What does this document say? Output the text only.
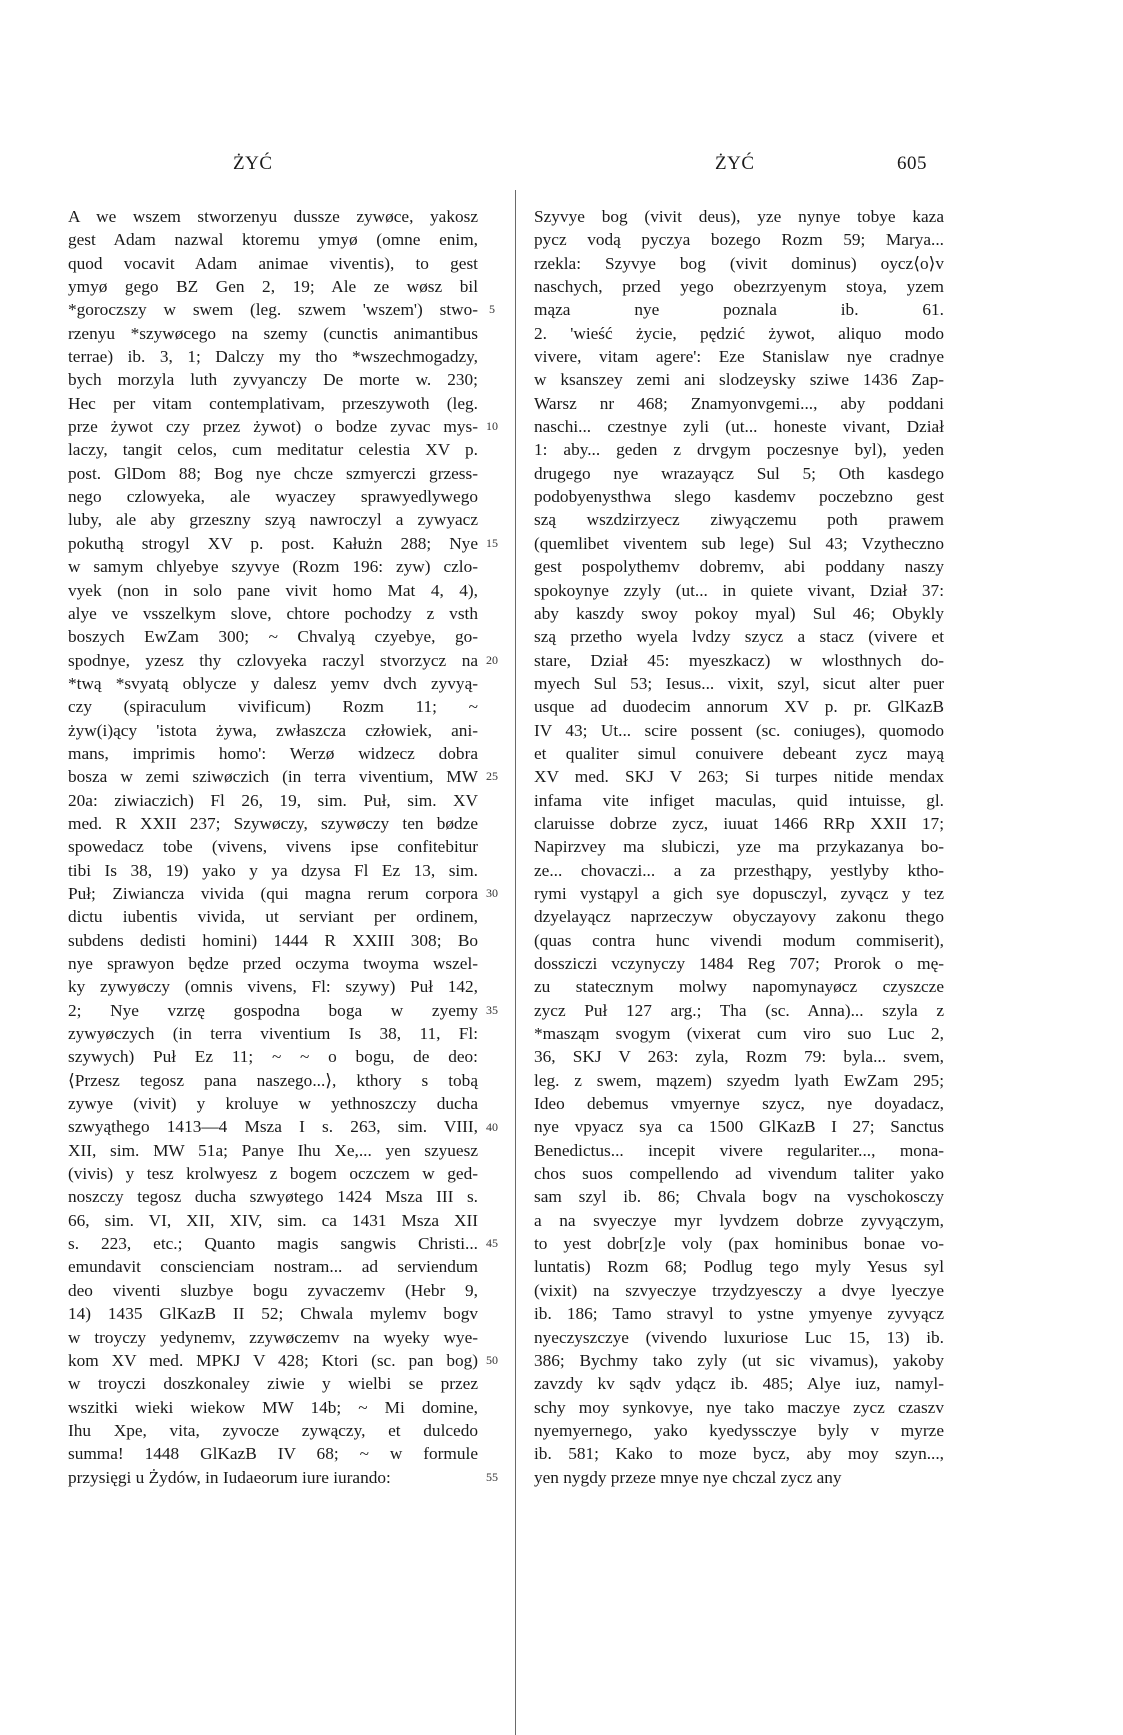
ŻYĆ	ŻYĆ	605
A we wszem stworzenyu dussze zywøce, yakosz
gest Adam nazwal ktoremu ymyø (omne enim,
quod vocavit Adam animae viventis), to gest
ymyø gego BZ Gen 2, 19; Ale ze wøsz bil
*goroczszy w swem (leg. szwem 'wszem') stwo-
rzenyu *szywøcego na szemy (cunctis animantibus
terrae) ib. 3, 1; Dalczy my tho *wszechmogadzy,
bych morzyla luth zyvyanczy De morte w. 230;
Hec per vitam contemplativam, przeszywoth (leg.
prze żywot czy przez żywot) o bodze zyvac mys-
laczy, tangit celos, cum meditatur celestia XV p.
post. GlDom 88; Bog nye chcze szmyerczi grzess-
nego czlowyeka, ale wyaczey sprawyedlywego
luby, ale aby grzeszny szyą nawroczyl a zywyacz
pokuthą strogyl XV p. post. Kałużn 288; Nye
w samym chlyebye szyvye (Rozm 196: zyw) czlo-
vyek (non in solo pane vivit homo Mat 4, 4),
alye ve vsszelkym slove, chtore pochodzy z vsth
boszych EwZam 300; ~ Chvalyą czyebye, go-
spodnye, yzesz thy czlovyeka raczyl stvorzycz na
*twą *svyatą oblycze y dalesz yemv dvch zyvyą-
czy (spiraculum vivificum) Rozm 11; ~
żyw(i)ący 'istota żywa, zwłaszcza człowiek, ani-
mans, imprimis homo': Werzø widzecz dobra
bosza w zemi sziwøczich (in terra viventium, MW
20a: ziwiaczich) Fl 26, 19, sim. Puł, sim. XV
med. R XXII 237; Szywøczy, szywøczy ten bødze
spowedacz tobe (vivens, vivens ipse confitebitur
tibi Is 38, 19) yako y ya dzysa Fl Ez 13, sim.
Puł; Ziwiancza vivida (qui magna rerum corpora
dictu iubentis vivida, ut serviant per ordinem,
subdens dedisti homini) 1444 R XXIII 308; Bo
nye sprawyon będze przed oczyma twoyma wszel-
ky zywyøczy (omnis vivens, Fl: szywy) Puł 142,
2; Nye vzrzę gospodna boga w zyemy
zywyøczych (in terra viventium Is 38, 11, Fl:
szywych) Puł Ez 11; ~ ~ o bogu, de deo:
⟨Przesz tegosz pana naszego...⟩, kthory s tobą
zywye (vivit) y kroluye w yethnoszczy ducha
szwyąthego 1413—4 Msza I s. 263, sim. VIII,
XII, sim. MW 51a; Panye Ihu Xe,... yen szyuesz
(vivis) y tesz krolwyesz z bogem oczczem w ged-
noszczy tegosz ducha szwyøtego 1424 Msza III s.
66, sim. VI, XII, XIV, sim. ca 1431 Msza XII
s. 223, etc.; Quanto magis sangwis Christi...
emundavit conscienciam nostram... ad serviendum
deo viventi sluzbye bogu zyvaczemv (Hebr 9,
14) 1435 GlKazB II 52; Chwala mylemv bogv
w troyczy yedynemv, zzywøczemv na wyeky wye-
kom XV med. MPKJ V 428; Ktori (sc. pan bog)
w troyczi doszkonaley ziwie y wielbi se przez
wszitki wieki wiekow MW 14b; ~ Mi domine,
Ihu Xpe, vita, zyvocze zywączy, et dulcedo
summa! 1448 GlKazB IV 68; ~ w formule
przysięgi u Żydów, in Iudaeorum iure iurando:
5
10
15
20
25
30
35
40
45
50
55
Szyvye bog (vivit deus), yze nynye tobye kaza
pycz vodą pyczya bozego Rozm 59; Marya...
rzekla: Szyvye bog (vivit dominus) oycz⟨o⟩v
naschych, przed yego obezrzyenym stoya, yzem
mąza nye poznala ib. 61.
2. 'wieść życie, pędzić żywot, aliquo modo
vivere, vitam agere': Eze Stanislaw nye cradnye
w ksanszey zemi ani slodzeysky sziwe 1436 Zap-
Warsz nr 468; Znamyonvgemi..., aby poddani
naschi... czestnye zyli (ut... honeste vivant, Dział
1: aby... geden z drvgym poczesnye byl), yeden
drugego nye wrazayącz Sul 5; Oth kasdego
podobyenysthwa slego kasdemv poczebzno gest
szą wszdzirzyecz ziwyączemu poth prawem
(quemlibet viventem sub lege) Sul 43; Vzytheczno
gest pospolythemv dobremv, abi poddany naszy
spokoynye zzyly (ut... in quiete vivant, Dział 37:
aby kaszdy swoy pokoy myal) Sul 46; Obykly
szą przetho wyela lvdzy szycz a stacz (vivere et
stare, Dział 45: myeszkacz) w wlosthnych do-
myech Sul 53; Iesus... vixit, szyl, sicut alter puer
usque ad duodecim annorum XV p. pr. GlKazB
IV 43; Ut... scire possent (sc. coniuges), quomodo
et qualiter simul conuivere debeant zycz mayą
XV med. SKJ V 263; Si turpes nitide mendax
infama vite infiget maculas, quid intuisse, gl.
claruisse dobrze zycz, iuuat 1466 RRp XXII 17;
Napirzvey ma slubiczi, yze ma przykazanya bo-
ze... chovaczi... a za przesthąpy, yestlyby ktho-
rymi vystąpyl a gich sye dopusczyl, zyvącz y tez
dzyelayącz naprzeczyw obyczayovy zakonu thego
(quas contra hunc vivendi modum commiserit),
dossziczi vczynyczy 1484 Reg 707; Prorok o mę-
zu statecznym molwy napomynayøcz czyszcze
zycz Puł 127 arg.; Tha (sc. Anna)... szyla z
*masząm svogym (vixerat cum viro suo Luc 2,
36, SKJ V 263: zyla, Rozm 79: byla... svem,
leg. z swem, mązem) szyedm lyath EwZam 295;
Ideo debemus vmyernye szycz, nye doyadacz,
nye vpyacz sya ca 1500 GlKazB I 27; Sanctus
Benedictus... incepit vivere regulariter..., mona-
chos suos compellendo ad vivendum taliter yako
sam szyl ib. 86; Chvala bogv na vyschokosczy
a na svyeczye myr lyvdzem dobrze zyvyączym,
to yest dobr[z]e voly (pax hominibus bonae vo-
luntatis) Rozm 68; Podlug tego myly Yesus syl
(vixit) na szvyeczye trzydzyesczy a dvye lyeczye
ib. 186; Tamo stravyl to ystne ymyenye zyvyącz
nyeczyszczye (vivendo luxuriose Luc 15, 13) ib.
386; Bychmy tako zyly (ut sic vivamus), yakoby
zavzdy kv sądv ydącz ib. 485; Alye iuz, namyl-
schy moy synkovye, nye tako maczye zycz czaszv
nyemyernego, yako kyedyssczye byly v myrze
ib. 581; Kako to moze bycz, aby moy szyn...,
yen nygdy przeze mnye nye chczal zycz any
